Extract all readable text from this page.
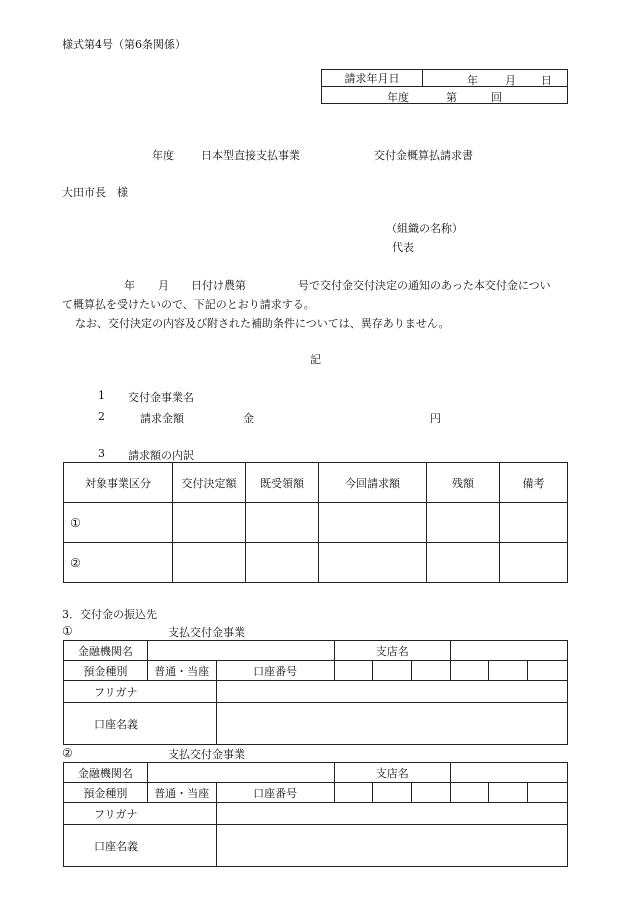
様式第4号（第6条関係）
請求年月日	年 月 日

年度	第	回
年度 日本型直接支払事業	交付金概算払請求書
大田市長　様
（組織の名称）
代表
年 月 日付け農第	号で交付金交付決定の通知のあった本交付金につい
て概算払を受けたいので、下記のとおり請求する。
なお、交付決定の内容及び附された補助条件については、異存ありません。
記
1 交付金事業名
2	請求金額	金	円
3 請求額の内訳
対象事業区分	交付決定額	既受領額	今回請求額	残額	備考
①					
②					
3．交付金の振込先
①	支払交付金事業
金融機関名			支店名					
預金種別	普通・当座	口座番号						
フリガナ								
口座名義								
②	支払交付金事業
金融機関名			支店名					
預金種別	普通・当座	口座番号						
フリガナ								
口座名義								
